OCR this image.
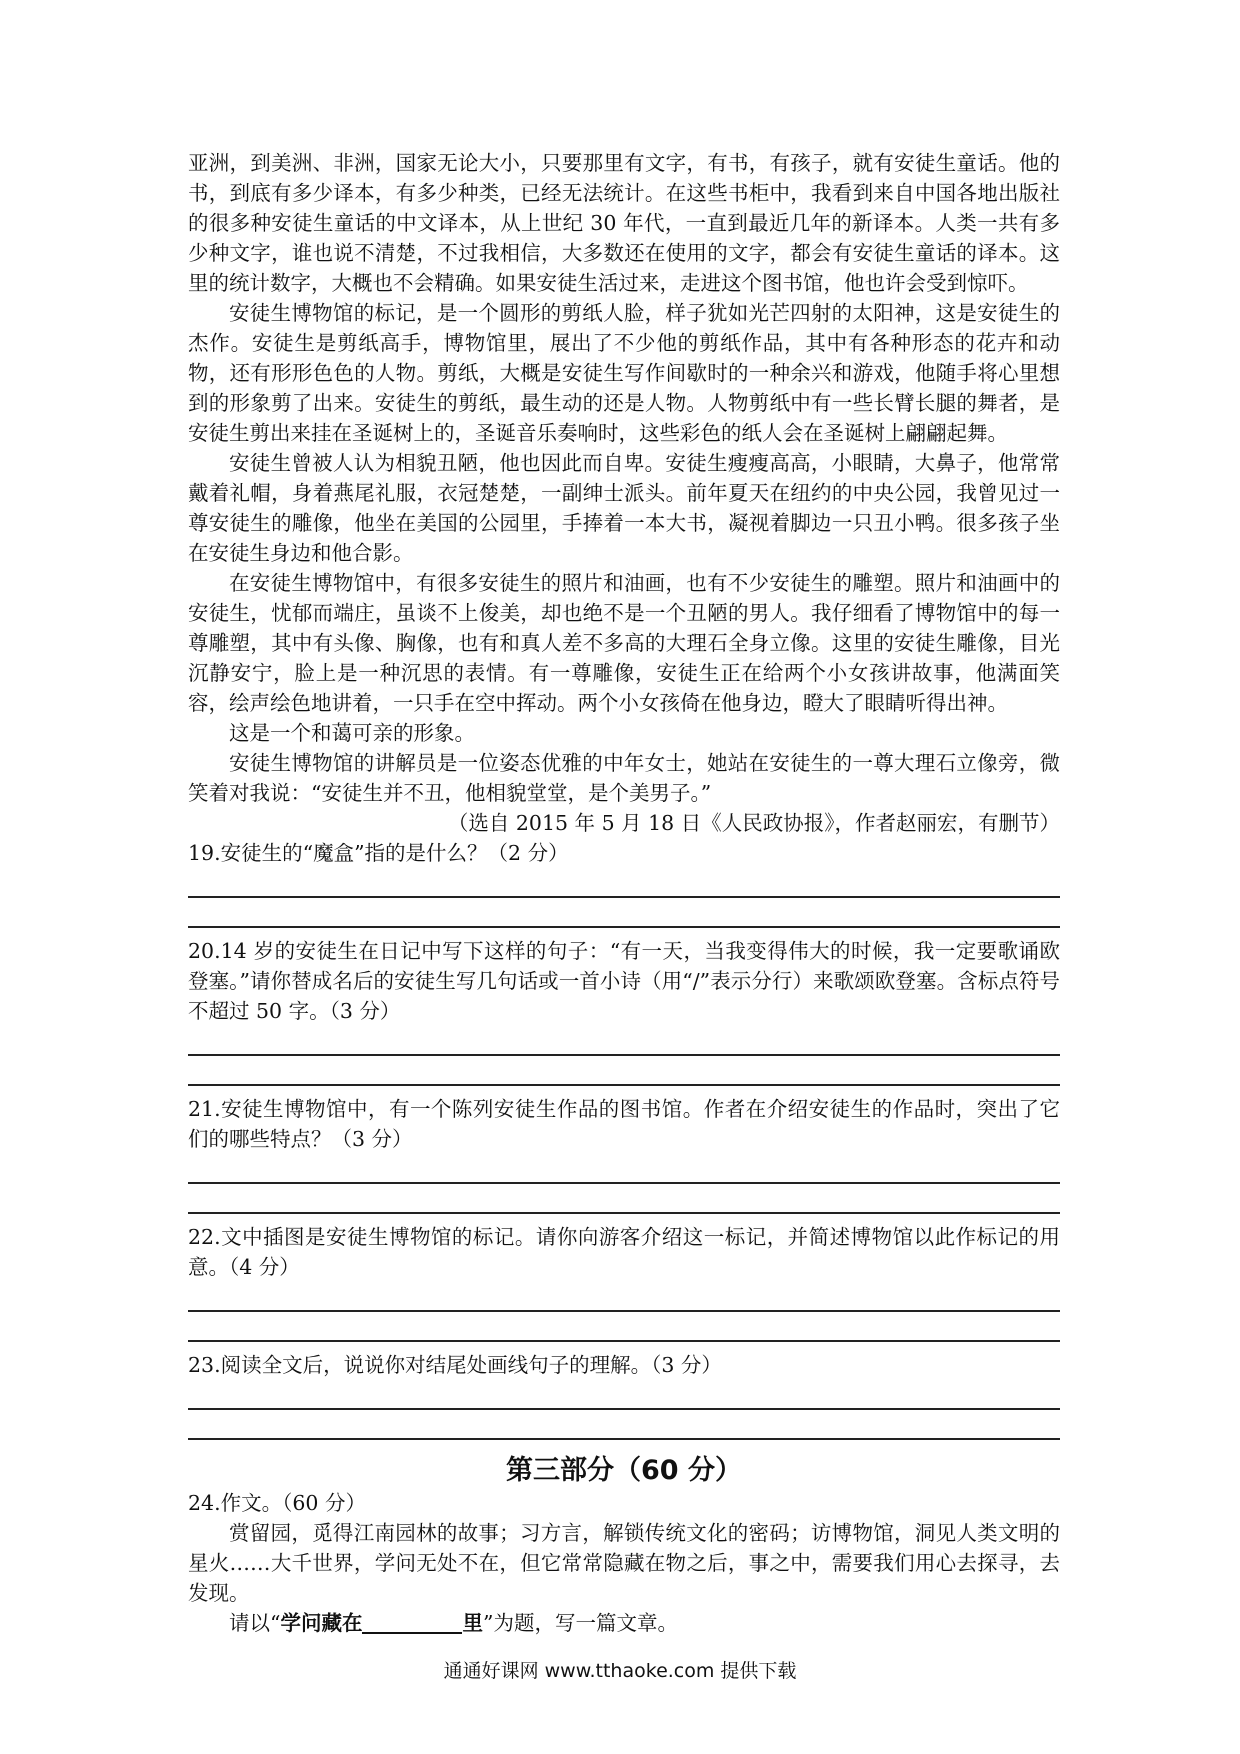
亚洲，到美洲、非洲，国家无论大小，只要那里有文字，有书，有孩子，就有安徒生童话。他的书，到底有多少译本，有多少种类，已经无法统计。在这些书柜中，我看到来自中国各地出版社的很多种安徒生童话的中文译本，从上世纪 30 年代，一直到最近几年的新译本。人类一共有多少种文字，谁也说不清楚，不过我相信，大多数还在使用的文字，都会有安徒生童话的译本。这里的统计数字，大概也不会精确。如果安徒生活过来，走进这个图书馆，他也许会受到惊吓。

安徒生博物馆的标记，是一个圆形的剪纸人脸，样子犹如光芒四射的太阳神，这是安徒生的杰作。安徒生是剪纸高手，博物馆里，展出了不少他的剪纸作品，其中有各种形态的花卉和动物，还有形形色色的人物。剪纸，大概是安徒生写作间歇时的一种余兴和游戏，他随手将心里想到的形象剪了出来。安徒生的剪纸，最生动的还是人物。人物剪纸中有一些长臂长腿的舞者，是安徒生剪出来挂在圣诞树上的，圣诞音乐奏响时，这些彩色的纸人会在圣诞树上翩翩起舞。

安徒生曾被人认为相貌丑陋，他也因此而自卑。安徒生瘦瘦高高，小眼睛，大鼻子，他常常戴着礼帽，身着燕尾礼服，衣冠楚楚，一副绅士派头。前年夏天在纽约的中央公园，我曾见过一尊安徒生的雕像，他坐在美国的公园里，手捧着一本大书，凝视着脚边一只丑小鸭。很多孩子坐在安徒生身边和他合影。

在安徒生博物馆中，有很多安徒生的照片和油画，也有不少安徒生的雕塑。照片和油画中的安徒生，忧郁而端庄，虽谈不上俊美，却也绝不是一个丑陋的男人。我仔细看了博物馆中的每一尊雕塑，其中有头像、胸像，也有和真人差不多高的大理石全身立像。这里的安徒生雕像，目光沉静安宁，脸上是一种沉思的表情。有一尊雕像，安徒生正在给两个小女孩讲故事，他满面笑容，绘声绘色地讲着，一只手在空中挥动。两个小女孩倚在他身边，瞪大了眼睛听得出神。

这是一个和蔼可亲的形象。

安徒生博物馆的讲解员是一位姿态优雅的中年女士，她站在安徒生的一尊大理石立像旁，微笑着对我说：“安徒生并不丑，他相貌堂堂，是个美男子。”

（选自 2015 年 5 月 18 日《人民政协报》，作者赵丽宏，有删节）

19.安徒生的“魔盒”指的是什么？（2 分）

20.14 岁的安徒生在日记中写下这样的句子：“有一天，当我变得伟大的时候，我一定要歌诵欧登塞。”请你替成名后的安徒生写几句话或一首小诗（用“/”表示分行）来歌颂欧登塞。含标点符号不超过 50 字。（3 分）

21.安徒生博物馆中，有一个陈列安徒生作品的图书馆。作者在介绍安徒生的作品时，突出了它们的哪些特点？（3 分）

22.文中插图是安徒生博物馆的标记。请你向游客介绍这一标记，并简述博物馆以此作标记的用意。（4 分）

23.阅读全文后，说说你对结尾处画线句子的理解。（3 分）

第三部分（60 分）

24.作文。（60 分）

赏留园，觅得江南园林的故事；习方言，解锁传统文化的密码；访博物馆，洞见人类文明的星火……大千世界，学问无处不在，但它常常隐藏在物之后，事之中，需要我们用心去探寻，去发现。

请以“学问藏在	里”为题，写一篇文章。

通通好课网 www.tthaoke.com 提供下载
